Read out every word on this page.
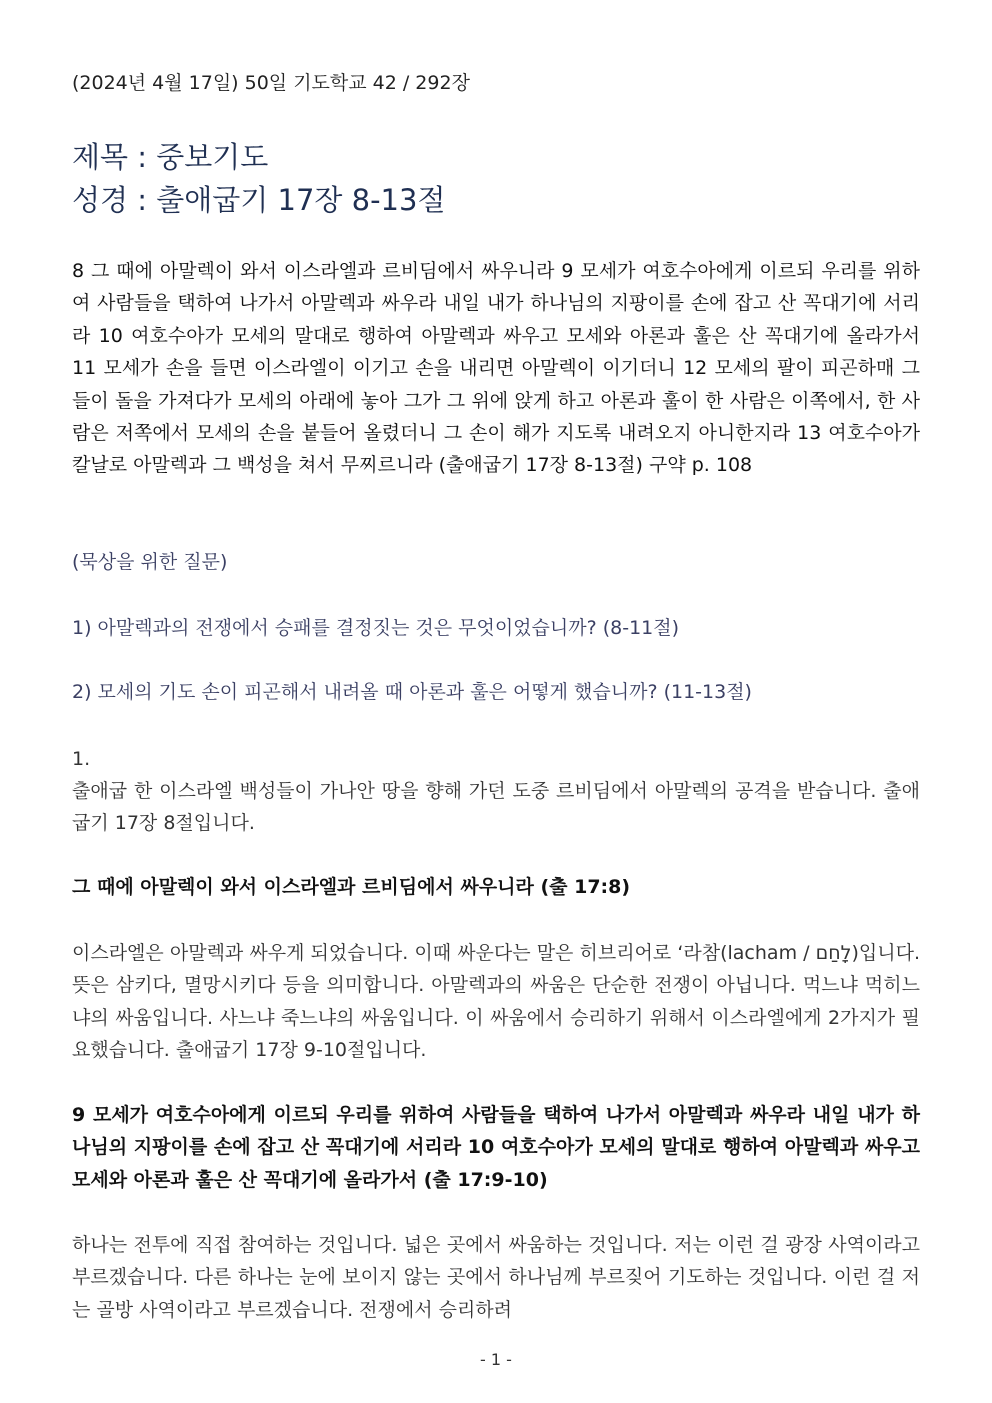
(2024년 4월 17일) 50일 기도학교 42 / 292장
제목 : 중보기도
성경 : 출애굽기 17장 8-13절
8 그 때에 아말렉이 와서 이스라엘과 르비딤에서 싸우니라 9 모세가 여호수아에게 이르되 우리를 위하여 사람들을 택하여 나가서 아말렉과 싸우라 내일 내가 하나님의 지팡이를 손에 잡고 산 꼭대기에 서리라 10 여호수아가 모세의 말대로 행하여 아말렉과 싸우고 모세와 아론과 훌은 산 꼭대기에 올라가서 11 모세가 손을 들면 이스라엘이 이기고 손을 내리면 아말렉이 이기더니 12 모세의 팔이 피곤하매 그들이 돌을 가져다가 모세의 아래에 놓아 그가 그 위에 앉게 하고 아론과 훌이 한 사람은 이쪽에서, 한 사람은 저쪽에서 모세의 손을 붙들어 올렸더니 그 손이 해가 지도록 내려오지 아니한지라 13 여호수아가 칼날로 아말렉과 그 백성을 쳐서 무찌르니라 (출애굽기 17장 8-13절) 구약 p. 108
(묵상을 위한 질문)
1) 아말렉과의 전쟁에서 승패를 결정짓는 것은 무엇이었습니까? (8-11절)
2) 모세의 기도 손이 피곤해서 내려올 때 아론과 훌은 어떻게 했습니까? (11-13절)
1.
출애굽 한 이스라엘 백성들이 가나안 땅을 향해 가던 도중 르비딤에서 아말렉의 공격을 받습니다. 출애굽기 17장 8절입니다.
그 때에 아말렉이 와서 이스라엘과 르비딤에서 싸우니라 (출 17:8)
이스라엘은 아말렉과 싸우게 되었습니다. 이때 싸운다는 말은 히브리어로 ‘라참(lacham / לָחַם)입니다. 뜻은 삼키다, 멸망시키다 등을 의미합니다. 아말렉과의 싸움은 단순한 전쟁이 아닙니다. 먹느냐 먹히느냐의 싸움입니다. 사느냐 죽느냐의 싸움입니다. 이 싸움에서 승리하기 위해서 이스라엘에게 2가지가 필요했습니다. 출애굽기 17장 9-10절입니다.
9 모세가 여호수아에게 이르되 우리를 위하여 사람들을 택하여 나가서 아말렉과 싸우라 내일 내가 하나님의 지팡이를 손에 잡고 산 꼭대기에 서리라 10 여호수아가 모세의 말대로 행하여 아말렉과 싸우고 모세와 아론과 훌은 산 꼭대기에 올라가서 (출 17:9-10)
하나는 전투에 직접 참여하는 것입니다. 넓은 곳에서 싸움하는 것입니다. 저는 이런 걸 광장 사역이라고 부르겠습니다. 다른 하나는 눈에 보이지 않는 곳에서 하나님께 부르짖어 기도하는 것입니다. 이런 걸 저는 골방 사역이라고 부르겠습니다. 전쟁에서 승리하려
- 1 -
